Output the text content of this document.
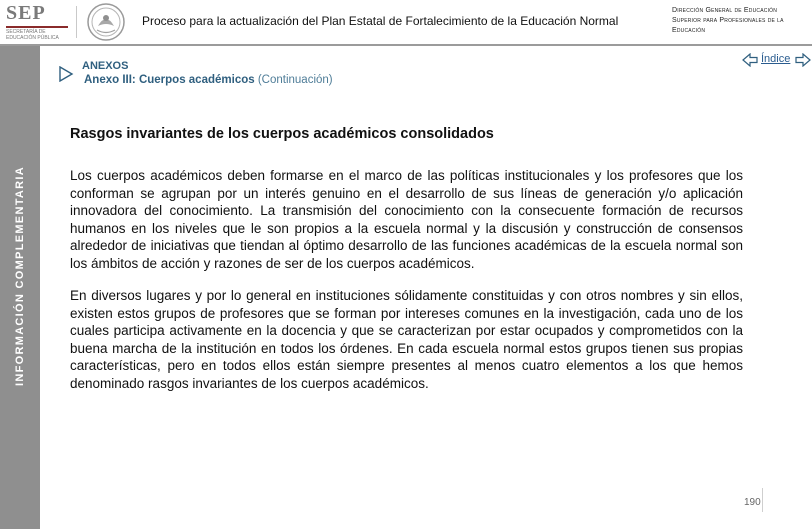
SEP
SECRETARÍA DE EDUCACIÓN PÚBLICA
Proceso para la actualización del Plan Estatal de Fortalecimiento de la Educación Normal
Dirección General de Educación Superior para Profesionales de la Educación
INFORMACIÓN COMPLEMENTARIA
ANEXOS
Anexo III: Cuerpos académicos (Continuación)
Índice
Rasgos invariantes de los cuerpos académicos consolidados

Los cuerpos académicos deben formarse en el marco de las políticas institucionales y los profesores que los conforman se agrupan por un interés genuino en el desarrollo de sus líneas de generación y/o aplicación innovadora del conocimiento. La transmisión del conocimiento con la consecuente formación de recursos humanos en los niveles que le son propios a la escuela normal y la discusión y construcción de consensos alrededor de iniciativas que tiendan al óptimo desarrollo de las funciones académicas de la escuela normal son los ámbitos de acción y razones de ser de los cuerpos académicos.

En diversos lugares y por lo general en instituciones sólidamente constituidas y con otros nombres y sin ellos, existen estos grupos de profesores que se forman por intereses comunes en la investigación, cada uno de los cuales participa activamente en la docencia y que se caracterizan por estar ocupados y comprometidos con la buena marcha de la institución en todos los órdenes. En cada escuela normal estos grupos tienen sus propias características, pero en todos ellos están siempre presentes al menos cuatro elementos a los que hemos denominado rasgos invariantes de los cuerpos académicos.

190
